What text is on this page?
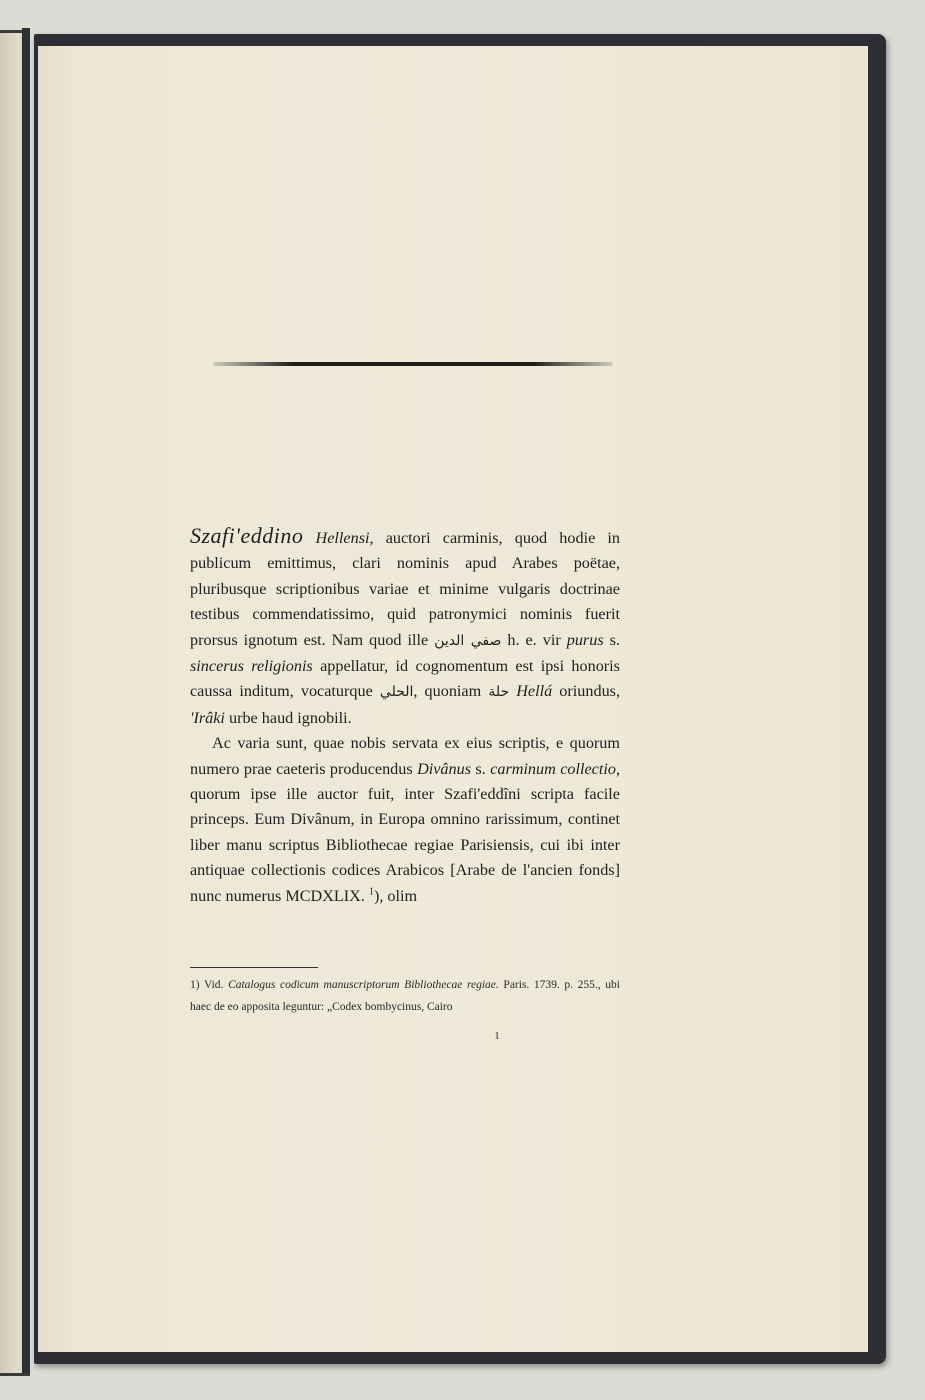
Szafi'eddino Hellensi, auctori carminis, quod hodie in publicum emittimus, clari nominis apud Arabes poëtae, pluribusque scriptionibus variae et minime vulgaris doctrinae testibus commendatissimo, quid patronymici nominis fuerit prorsus ignotum est. Nam quod ille صفي الدين h. e. vir purus s. sincerus religionis appellatur, id cognomentum est ipsi honoris caussa inditum, vocaturque الحلي, quoniam حلة Hellá oriundus, 'Irâki urbe haud ignobili.

Ac varia sunt, quae nobis servata ex eius scriptis, e quorum numero prae caeteris producendus Divânus s. carminum collectio, quorum ipse ille auctor fuit, inter Szafi'eddîni scripta facile princeps. Eum Divânum, in Europa omnino rarissimum, continet liber manu scriptus Bibliothecae regiae Parisiensis, cui ibi inter antiquae collectionis codices Arabicos [Arabe de l'ancien fonds] nunc numerus MCDXLIX. $^1$), olim

1) Vid. Catalogus codicum manuscriptorum Bibliothecae regiae. Paris. 1739. p. 255., ubi haec de eo apposita leguntur: „Codex bombycinus, Cairo

1
